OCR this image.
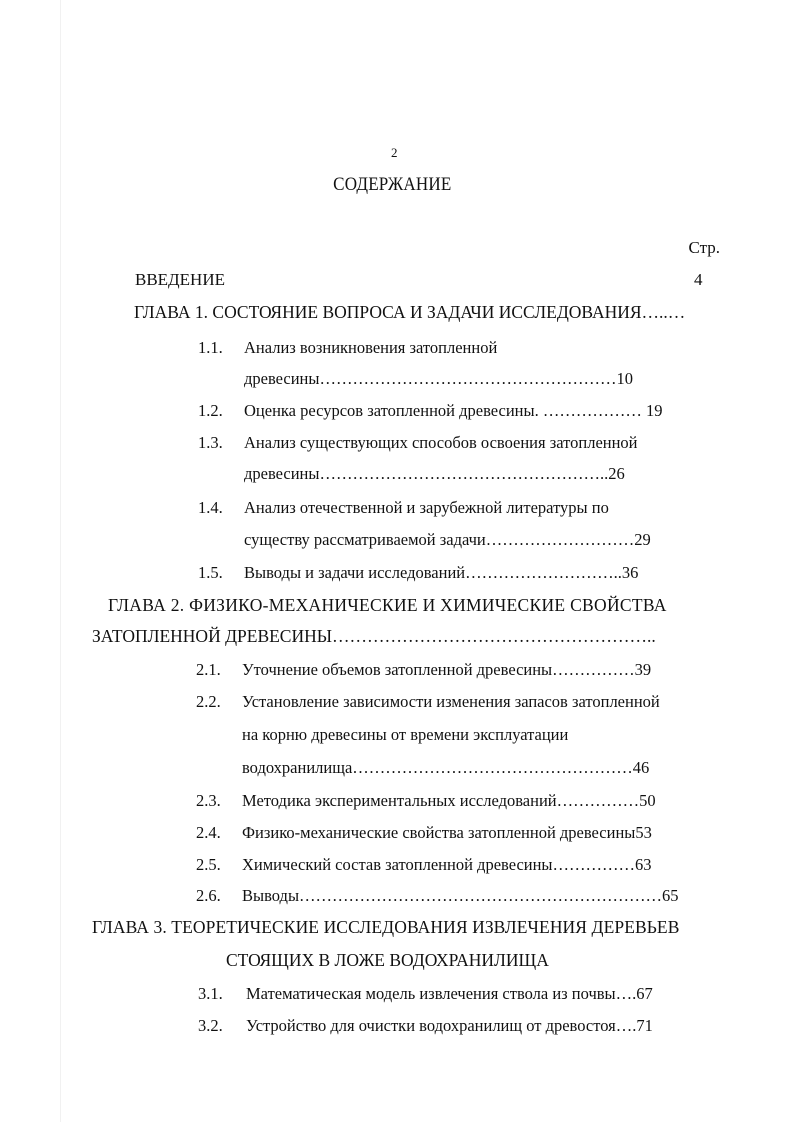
2
СОДЕРЖАНИЕ
Стр.
ВВЕДЕНИЕ	4
ГЛАВА 1. СОСТОЯНИЕ ВОПРОСА И ЗАДАЧИ ИССЛЕДОВАНИЯ…..…
1.1. Анализ возникновения затопленной
древесины………………………………………………10
1.2. Оценка ресурсов затопленной древесины. ……………… 19
1.3. Анализ существующих способов освоения затопленной
древесины……………………………………………..26
1.4. Анализ отечественной и зарубежной литературы по
существу рассматриваемой задачи………………………29
1.5. Выводы и задачи исследований………………………..36
ГЛАВА 2. ФИЗИКО-МЕХАНИЧЕСКИЕ И ХИМИЧЕСКИЕ СВОЙСТВА
ЗАТОПЛЕННОЙ ДРЕВЕСИНЫ………………………………………………..
2.1. Уточнение объемов затопленной древесины……………39
2.2. Установление зависимости изменения запасов затопленной
на корню древесины от времени эксплуатации
водохранилища……………………………………………46
2.3. Методика экспериментальных исследований……………50
2.4. Физико-механические свойства затопленной древесины53
2.5. Химический состав затопленной древесины……………63
2.6. Выводы…………………………………………………………65
ГЛАВА 3. ТЕОРЕТИЧЕСКИЕ ИССЛЕДОВАНИЯ ИЗВЛЕЧЕНИЯ ДЕРЕВЬЕВ
СТОЯЩИХ В ЛОЖЕ ВОДОХРАНИЛИЩА
3.1. Математическая модель извлечения ствола из почвы….67
3.2. Устройство для очистки водохранилищ от древостоя….71
